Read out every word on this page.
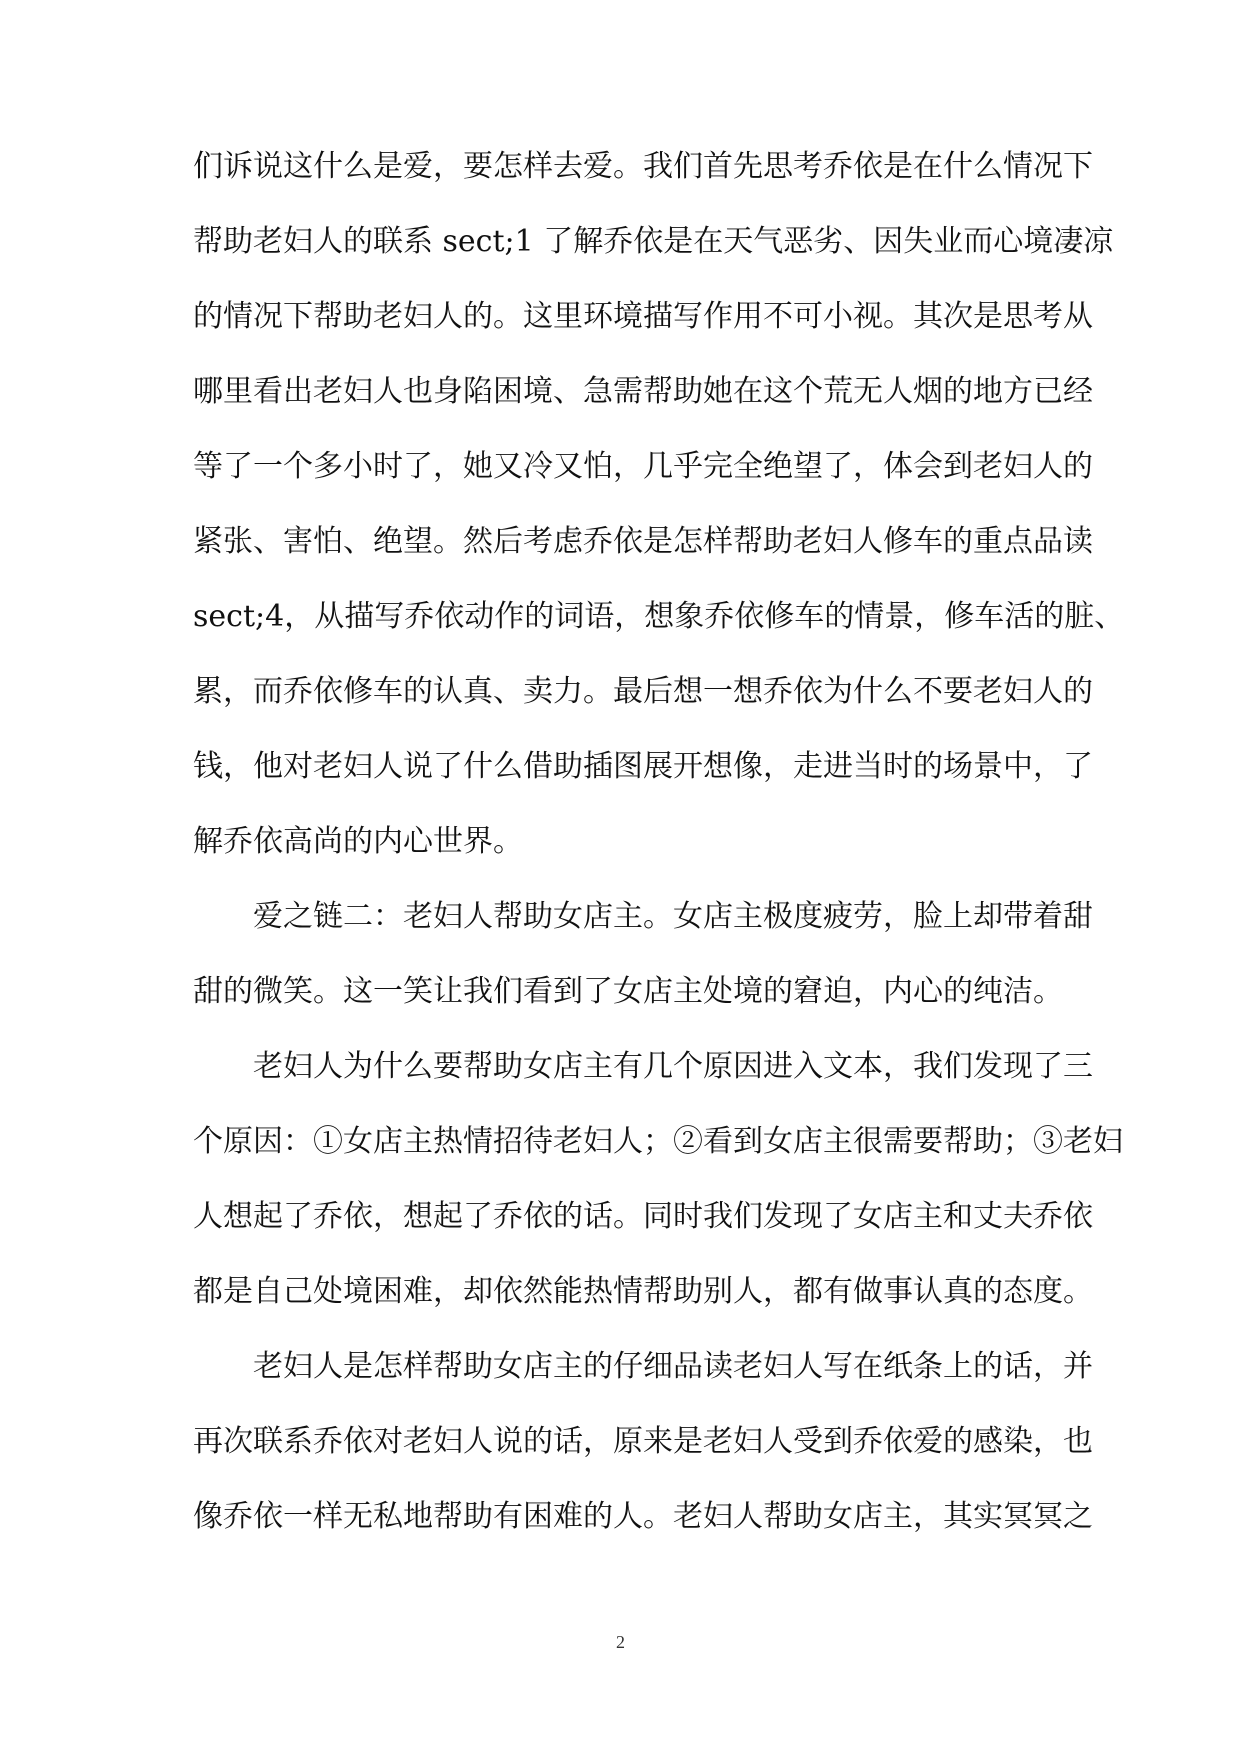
们诉说这什么是爱，要怎样去爱。我们首先思考乔依是在什么情况下
帮助老妇人的联系 sect;1 了解乔依是在天气恶劣、因失业而心境凄凉
的情况下帮助老妇人的。这里环境描写作用不可小视。其次是思考从
哪里看出老妇人也身陷困境、急需帮助她在这个荒无人烟的地方已经
等了一个多小时了，她又冷又怕，几乎完全绝望了，体会到老妇人的
紧张、害怕、绝望。然后考虑乔依是怎样帮助老妇人修车的重点品读
sect;4，从描写乔依动作的词语，想象乔依修车的情景，修车活的脏、
累，而乔依修车的认真、卖力。最后想一想乔依为什么不要老妇人的
钱，他对老妇人说了什么借助插图展开想像，走进当时的场景中，了
解乔依高尚的内心世界。
爱之链二：老妇人帮助女店主。女店主极度疲劳，脸上却带着甜
甜的微笑。这一笑让我们看到了女店主处境的窘迫，内心的纯洁。
老妇人为什么要帮助女店主有几个原因进入文本，我们发现了三
个原因：①女店主热情招待老妇人；②看到女店主很需要帮助；③老妇
人想起了乔依，想起了乔依的话。同时我们发现了女店主和丈夫乔依
都是自己处境困难，却依然能热情帮助别人，都有做事认真的态度。
老妇人是怎样帮助女店主的仔细品读老妇人写在纸条上的话，并
再次联系乔依对老妇人说的话，原来是老妇人受到乔依爱的感染，也
像乔依一样无私地帮助有困难的人。老妇人帮助女店主，其实冥冥之
2
